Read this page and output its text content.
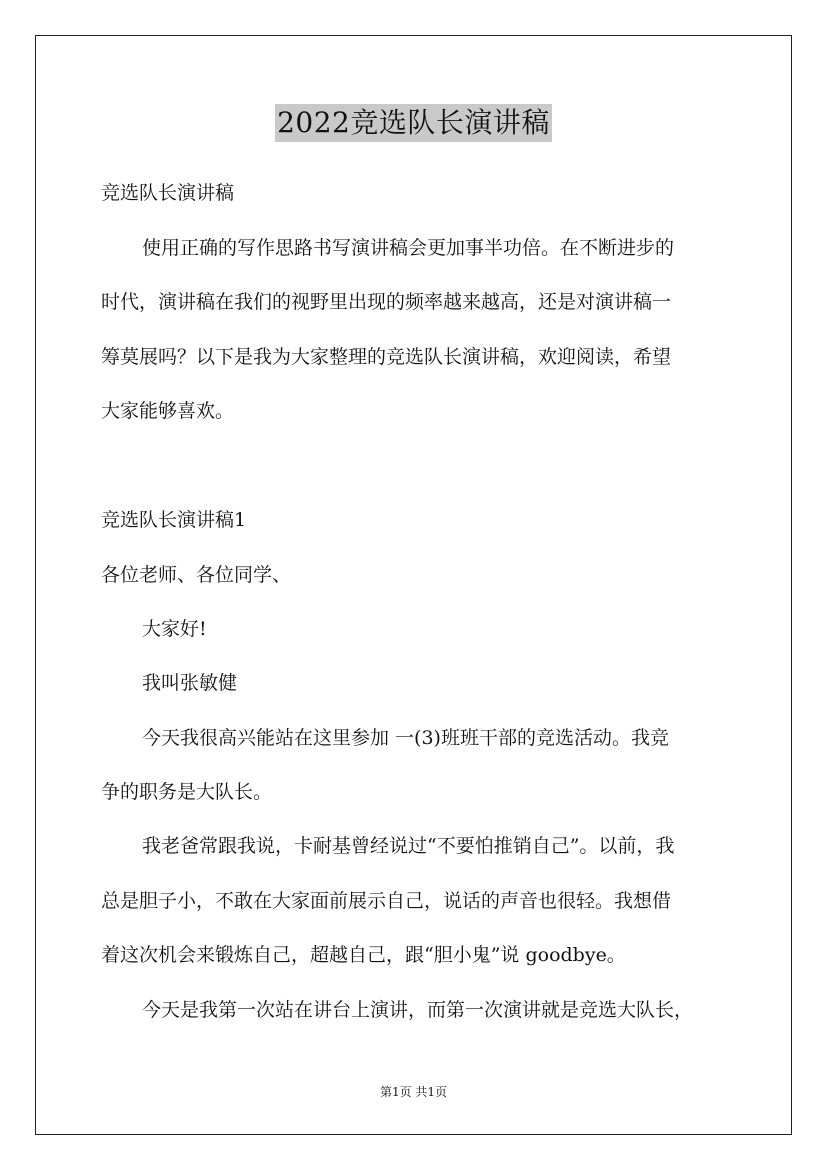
2022竞选队长演讲稿
竞选队长演讲稿
使用正确的写作思路书写演讲稿会更加事半功倍。在不断进步的
时代，演讲稿在我们的视野里出现的频率越来越高，还是对演讲稿一
筹莫展吗？以下是我为大家整理的竞选队长演讲稿，欢迎阅读，希望
大家能够喜欢。
竞选队长演讲稿1
各位老师、各位同学、
大家好!
我叫张敏健
今天我很高兴能站在这里参加 一(3)班班干部的竞选活动。我竞
争的职务是大队长。
我老爸常跟我说，卡耐基曾经说过“不要怕推销自己”。以前，我
总是胆子小，不敢在大家面前展示自己，说话的声音也很轻。我想借
着这次机会来锻炼自己，超越自己，跟“胆小鬼”说 goodbye。
今天是我第一次站在讲台上演讲，而第一次演讲就是竞选大队长，
第1页 共1页
